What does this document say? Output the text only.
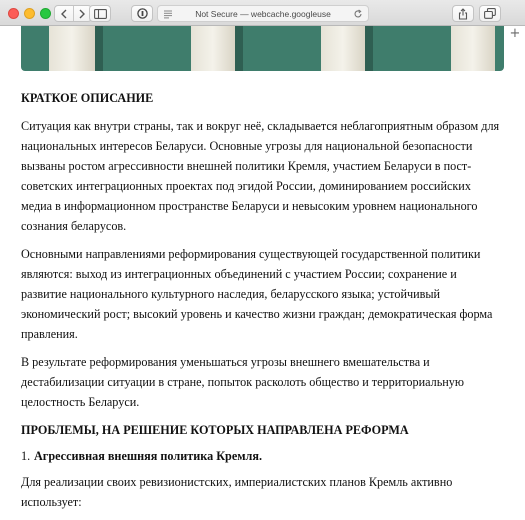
Not Secure — webcache.googleuse
+
КРАТКОЕ ОПИСАНИЕ

Ситуация как внутри страны, так и вокруг неё, складывается неблагоприятным образом для национальных интересов Беларуси. Основные угрозы для национальной безопасности вызваны ростом агрессивности внешней политики Кремля, участием Беларуси в пост-советских интеграционных проектах под эгидой России, доминированием российских медиа в информационном пространстве Беларуси и невысоким уровнем национального сознания беларусов.

Основными направлениями реформирования существующей государственной политики являются: выход из интеграционных объединений с участием России; сохранение и развитие национального культурного наследия, беларусского языка; устойчивый экономический рост; высокий уровень и качество жизни граждан; демократическая форма правления.

В результате реформирования уменьшаться угрозы внешнего вмешательства и дестабилизации ситуации в стране, попыток расколоть общество и территориальную целостность Беларуси.

ПРОБЛЕМЫ, НА РЕШЕНИЕ КОТОРЫХ НАПРАВЛЕНА РЕФОРМА
1. Агрессивная внешняя политика Кремля.

Для реализации своих ревизионистских, империалистских планов Кремль активно использует:
